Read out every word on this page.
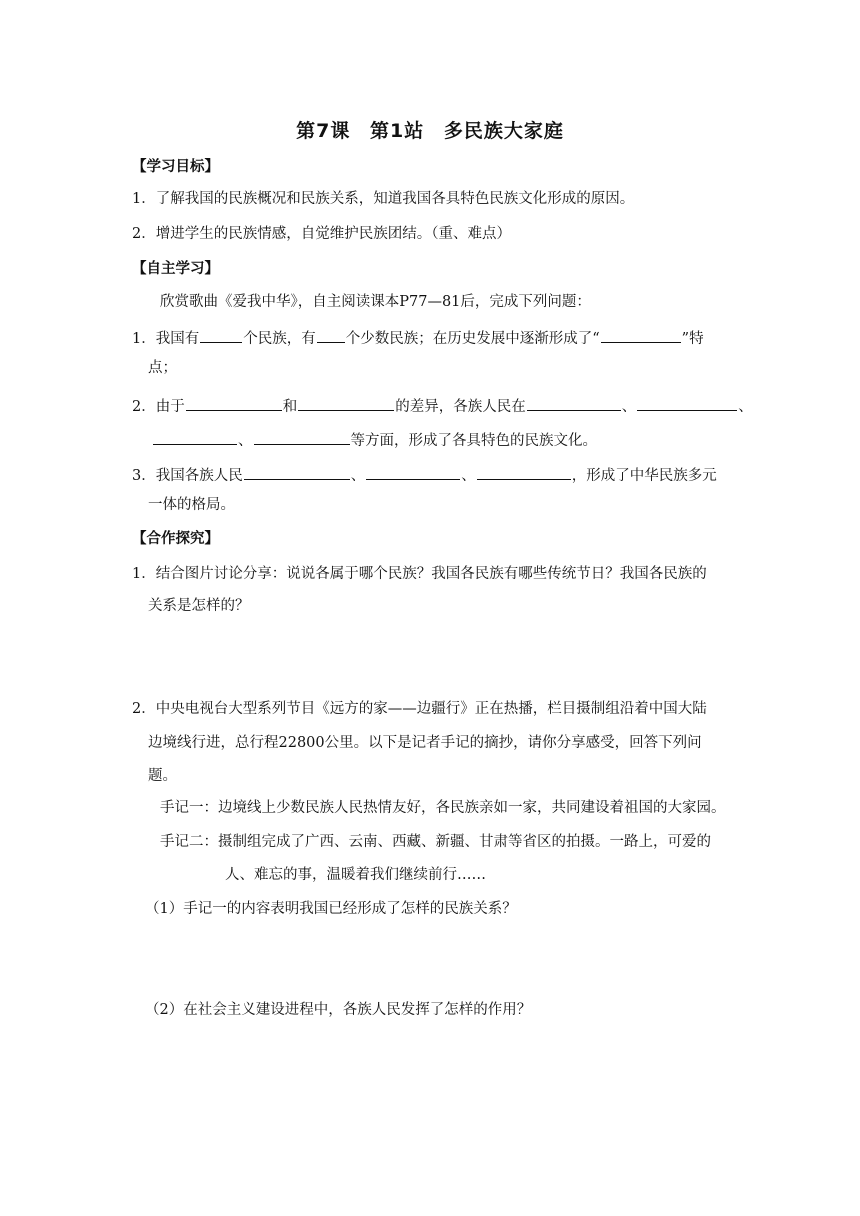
第7课 第1站 多民族大家庭
【学习目标】
1．了解我国的民族概况和民族关系，知道我国各具特色民族文化形成的原因。
2．增进学生的民族情感，自觉维护民族团结。（重、难点）
【自主学习】
欣赏歌曲《爱我中华》，自主阅读课本P77—81后，完成下列问题：
1．我国有	个民族，有 个少数民族；在历史发展中逐渐形成了“	”特
点；
2．由于	和	的差异，各族人民在	、	、
、	等方面，形成了各具特色的民族文化。
3．我国各族人民	、	、	，形成了中华民族多元
一体的格局。
【合作探究】
1．结合图片讨论分享：说说各属于哪个民族？我国各民族有哪些传统节日？我国各民族的
关系是怎样的？
2．中央电视台大型系列节目《远方的家——边疆行》正在热播，栏目摄制组沿着中国大陆
边境线行进，总行程22800公里。以下是记者手记的摘抄，请你分享感受，回答下列问
题。
手记一：边境线上少数民族人民热情友好，各民族亲如一家，共同建设着祖国的大家园。
手记二：摄制组完成了广西、云南、西藏、新疆、甘肃等省区的拍摄。一路上，可爱的
人、难忘的事，温暖着我们继续前行……
（1）手记一的内容表明我国已经形成了怎样的民族关系？
（2）在社会主义建设进程中，各族人民发挥了怎样的作用？
